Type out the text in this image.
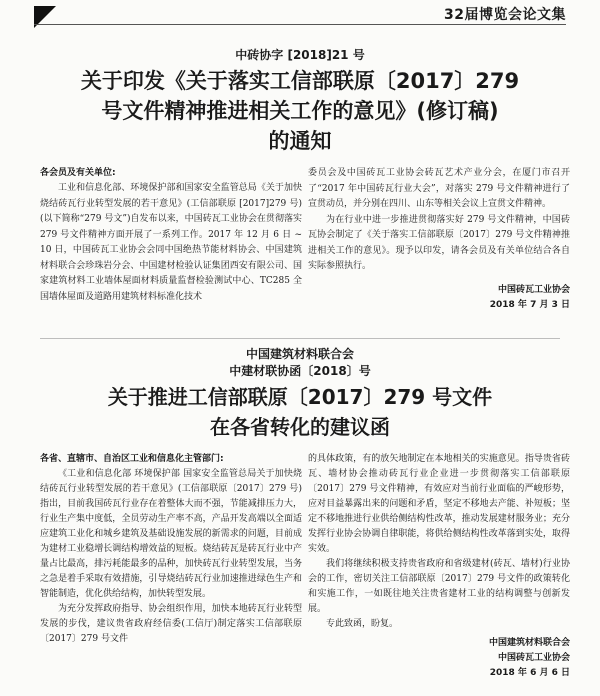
32届博览会论文集
中砖协字 [2018]21 号
关于印发《关于落实工信部联原〔2017〕279
号文件精神推进相关工作的意见》(修订稿)
的通知
各会员及有关单位:

工业和信息化部、环境保护部和国家安全监管总局《关于加快烧结砖瓦行业转型发展的若干意见》(工信部联原 [2017]279 号)(以下简称“279 号文”)自发布以来，中国砖瓦工业协会在贯彻落实 279 号文件精神方面开展了一系列工作。2017 年 12 月 6 日 ~ 10 日，中国砖瓦工业协会会同中国绝热节能材料协会、中国建筑材料联合会珍珠岩分会、中国建材检验认证集团西安有限公司、国家建筑材料工业墙体屋面材料质量监督检验测试中心、TC285 全国墙体屋面及道路用建筑材料标准化技术

委员会及中国砖瓦工业协会砖瓦艺术产业分会，在厦门市召开了“2017 年中国砖瓦行业大会”，对落实 279 号文件精神进行了宣贯动员，并分别在四川、山东等相关会议上宣贯文件精神。

为在行业中进一步推进贯彻落实好 279 号文件精神，中国砖瓦协会制定了《关于落实工信部联原〔2017〕279 号文件精神推进相关工作的意见》。现予以印发，请各会员及有关单位结合各自实际参照执行。

中国砖瓦工业协会

2018 年 7 月 3 日

中国建筑材料联合会
中建材联协函〔2018〕号
关于推进工信部联原〔2017〕279 号文件
在各省转化的建议函
各省、直辖市、自治区工业和信息化主管部门:

《工业和信息化部 环境保护部 国家安全监管总局关于加快烧结砖瓦行业转型发展的若干意见》(工信部联原〔2017〕279 号)指出，目前我国砖瓦行业存在着整体大而不强，节能减排压力大，行业生产集中度低，全员劳动生产率不高，产品开发高端以全面适应建筑工业化和城乡建筑及基础设施发展的新需求的问题，目前成为建材工业稳增长调结构增效益的短板。烧结砖瓦是砖瓦行业中产量占比最高，排污耗能最多的品种，加快砖瓦行业转型发展，当务之急是着手采取有效措施，引导烧结砖瓦行业加速推进绿色生产和智能制造，优化供给结构，加快转型发展。

为充分发挥政府指导、协会组织作用，加快本地砖瓦行业转型发展的步伐，建议贵省政府经信委(工信厅)制定落实工信部联原〔2017〕279 号文件

的具体政策，有的放矢地制定在本地相关的实施意见。指导贵省砖瓦、墙材协会推动砖瓦行业企业进一步贯彻落实工信部联原〔2017〕279 号文件精神，有效应对当前行业面临的严峻形势，应对目益暴露出来的问题和矛盾，坚定不移地去产能、补短板；坚定不移地推进行业供给侧结构性改革，推动发展建材服务业；充分发挥行业协会协调自律职能，将供给侧结构性改革落到实处，取得实效。

我们将继续积极支持贵省政府和省级建材(砖瓦、墙材)行业协会的工作，密切关注工信部联原〔2017〕279 号文件的政策转化和实施工作，一如既往地关注贵省建材工业的结构调整与创新发展。

专此致函，盼复。

中国建筑材料联合会

中国砖瓦工业协会

2018 年 6 月 6 日
